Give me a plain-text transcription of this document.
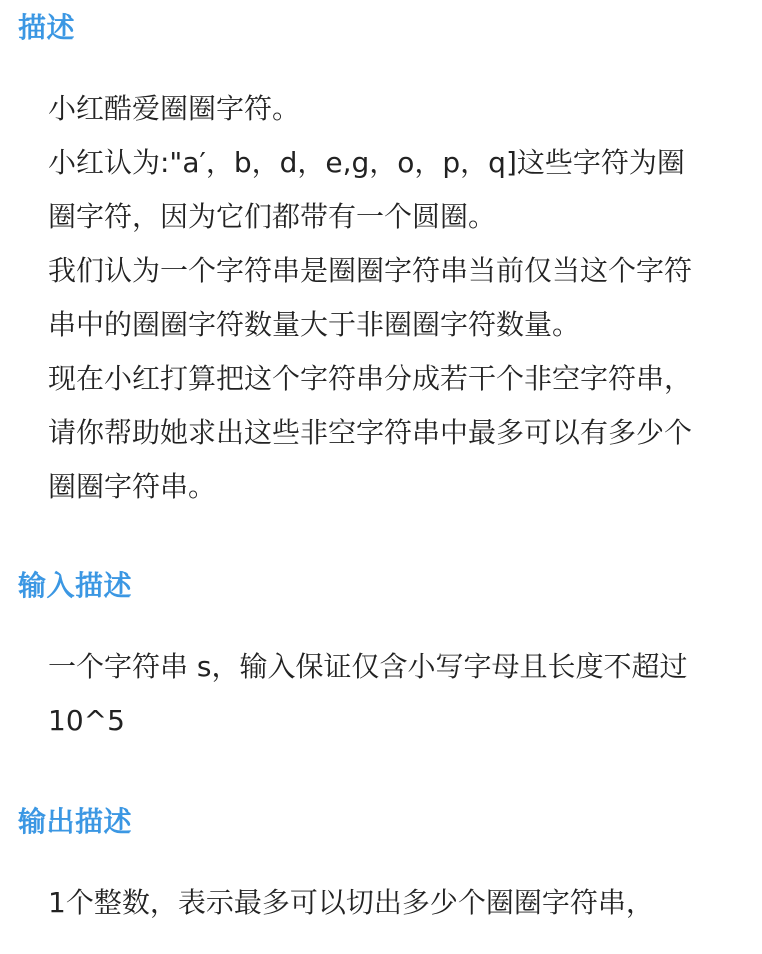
描述
小红酷爱圈圈字符。
小红认为:"a′，b，d，e,g，o，p，q]这些字符为圈
圈字符，因为它们都带有一个圆圈。
我们认为一个字符串是圈圈字符串当前仅当这个字符
串中的圈圈字符数量大于非圈圈字符数量。
现在小红打算把这个字符串分成若干个非空字符串，
请你帮助她求出这些非空字符串中最多可以有多少个
圈圈字符串。
输入描述
一个字符串 s，输入保证仅含小写字母且长度不超过
10^5
输出描述
1个整数，表示最多可以切出多少个圈圈字符串，
